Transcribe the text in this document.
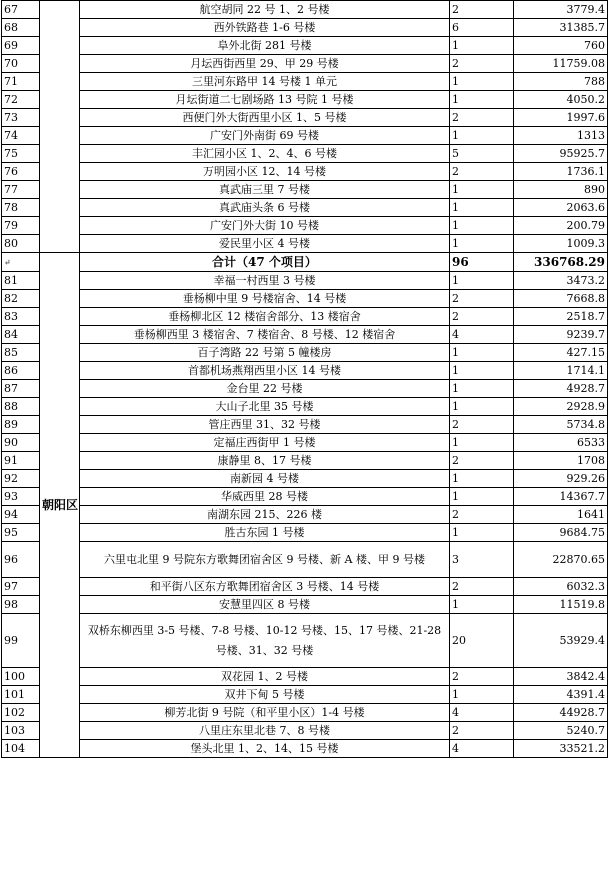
67		航空胡同 22 号 1、2 号楼	2	3779.4
68		西外铁路巷 1-6 号楼	6	31385.7
69		阜外北街 281 号楼	1	760
70		月坛西街西里 29、甲 29 号楼	2	11759.08
71		三里河东路甲 14 号楼 1 单元	1	788
72		月坛街道二七剧场路 13 号院 1 号楼	1	4050.2
73		西便门外大街西里小区 1、5 号楼	2	1997.6
74		广安门外南街 69 号楼	1	1313
75		丰汇园小区 1、2、4、6 号楼	5	95925.7
76		万明园小区 12、14 号楼	2	1736.1
77		真武庙三里 7 号楼	1	890
78		真武庙头条 6 号楼	1	2063.6
79		广安门外大街 10 号楼	1	200.79
80		爱民里小区 4 号楼	1	1009.3
↵	朝阳区	合计（47 个项目）	96	336768.29
81		幸福一村西里 3 号楼	1	3473.2
82		垂杨柳中里 9 号楼宿舍、14 号楼	2	7668.8
83		垂杨柳北区 12 楼宿舍部分、13 楼宿舍	2	2518.7
84		垂杨柳西里 3 楼宿舍、7 楼宿舍、8 号楼、12 楼宿舍	4	9239.7
85		百子湾路 22 号第 5 幢楼房	1	427.15
86		首都机场燕翔西里小区 14 号楼	1	1714.1
87		金台里 22 号楼	1	4928.7
88		大山子北里 35 号楼	1	2928.9
89		管庄西里 31、32 号楼	2	5734.8
90		定福庄西街甲 1 号楼	1	6533
91		康静里 8、17 号楼	2	1708
92		南新园 4 号楼	1	929.26
93		华威西里 28 号楼	1	14367.7
94		南湖东园 215、226 楼	2	1641
95		胜古东园 1 号楼	1	9684.75
96		六里屯北里 9 号院东方歌舞团宿舍区 9 号楼、新 A 楼、甲 9 号楼	3	22870.65
97		和平街八区东方歌舞团宿舍区 3 号楼、14 号楼	2	6032.3
98		安慧里四区 8 号楼	1	11519.8
99		双桥东柳西里 3-5 号楼、7-8 号楼、10-12 号楼、15、17 号楼、21-28 号楼、31、32 号楼	20	53929.4
100		双花园 1、2 号楼	2	3842.4
101		双井下甸 5 号楼	1	4391.4
102		柳芳北街 9 号院（和平里小区）1-4 号楼	4	44928.7
103		八里庄东里北巷 7、8 号楼	2	5240.7
104		堡头北里 1、2、14、15 号楼	4	33521.2
